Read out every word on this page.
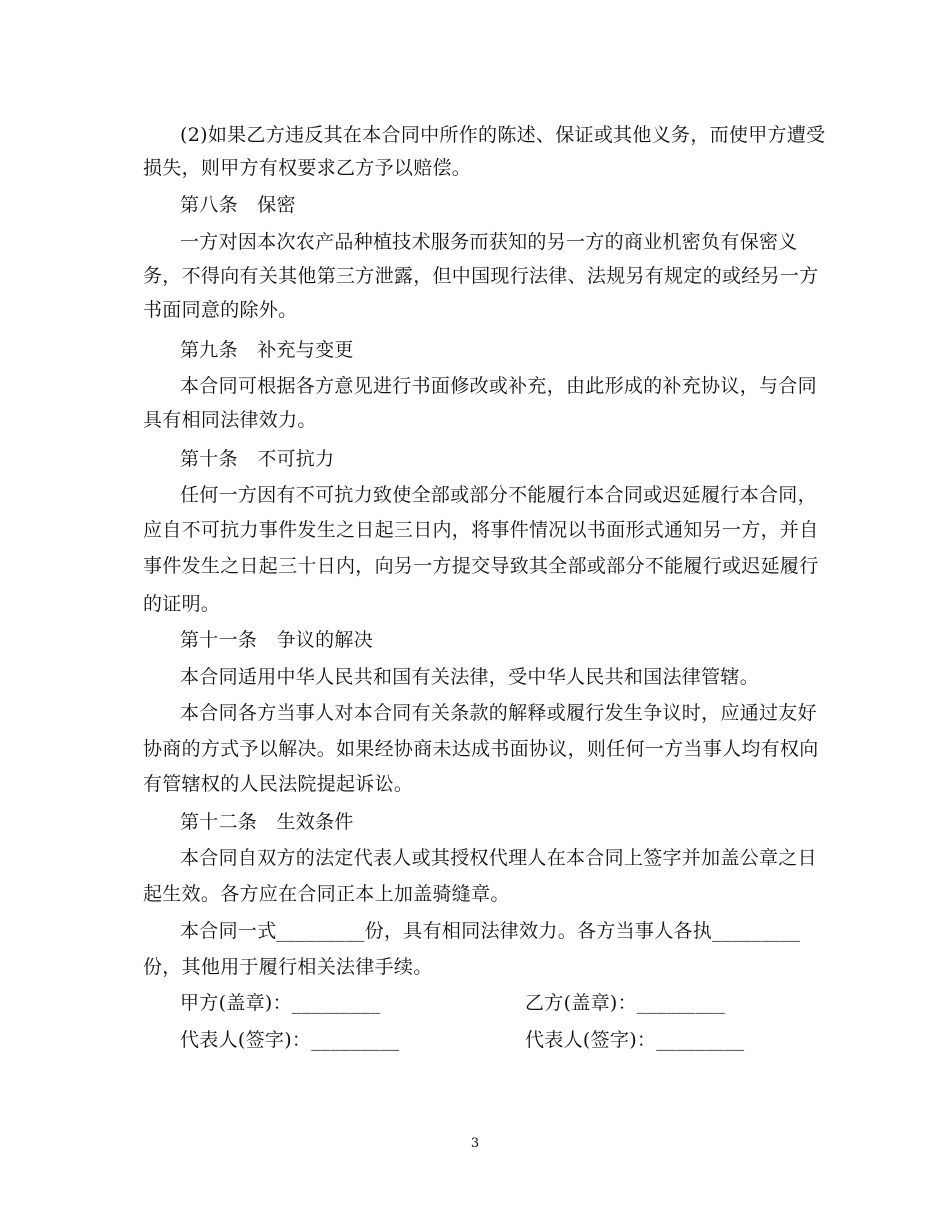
(2)如果乙方违反其在本合同中所作的陈述、保证或其他义务，而使甲方遭受
损失，则甲方有权要求乙方予以赔偿。
第八条　保密
一方对因本次农产品种植技术服务而获知的另一方的商业机密负有保密义
务，不得向有关其他第三方泄露，但中国现行法律、法规另有规定的或经另一方
书面同意的除外。
第九条　补充与变更
本合同可根据各方意见进行书面修改或补充，由此形成的补充协议，与合同
具有相同法律效力。
第十条　不可抗力
任何一方因有不可抗力致使全部或部分不能履行本合同或迟延履行本合同，
应自不可抗力事件发生之日起三日内，将事件情况以书面形式通知另一方，并自
事件发生之日起三十日内，向另一方提交导致其全部或部分不能履行或迟延履行
的证明。
第十一条　争议的解决
本合同适用中华人民共和国有关法律，受中华人民共和国法律管辖。
本合同各方当事人对本合同有关条款的解释或履行发生争议时，应通过友好
协商的方式予以解决。如果经协商未达成书面协议，则任何一方当事人均有权向
有管辖权的人民法院提起诉讼。
第十二条　生效条件
本合同自双方的法定代表人或其授权代理人在本合同上签字并加盖公章之日
起生效。各方应在合同正本上加盖骑缝章。
本合同一式_________份，具有相同法律效力。各方当事人各执_________
份，其他用于履行相关法律手续。
甲方(盖章)：_________	乙方(盖章)：_________
代表人(签字)：_________	代表人(签字)：_________
3
